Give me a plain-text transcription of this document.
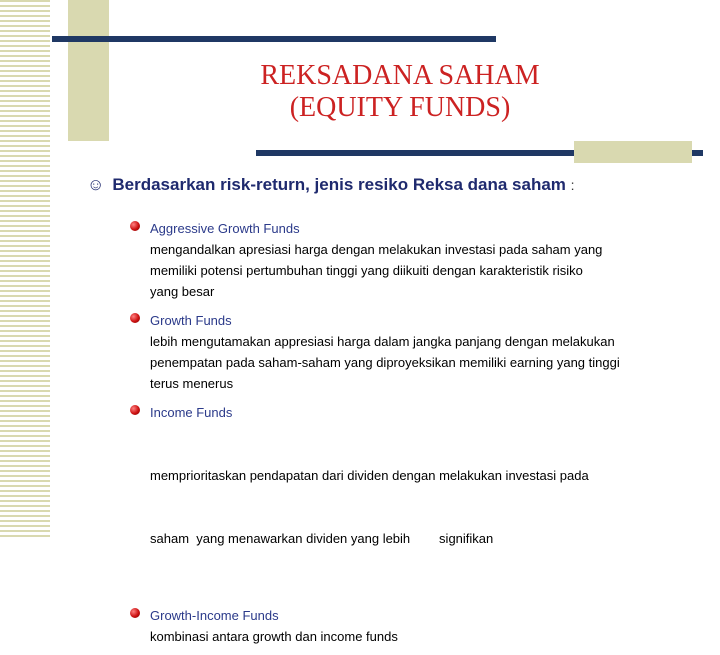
REKSADANA SAHAM
(EQUITY FUNDS)
☺ Berdasarkan risk-return, jenis resiko Reksa dana saham :
Aggressive Growth Funds
mengandalkan apresiasi harga dengan melakukan investasi pada saham yang
memiliki potensi pertumbuhan tinggi yang diikuiti dengan karakteristik risiko
yang besar
Growth Funds
lebih mengutamakan appresiasi harga dalam jangka panjang dengan melakukan
penempatan pada saham-saham yang diproyeksikan memiliki earning yang tinggi
terus menerus
Income Funds

memprioritaskan pendapatan dari dividen dengan melakukan investasi pada

saham  yang menawarkan dividen yang lebih        signifikan

Growth-Income Funds
kombinasi antara growth dan income funds
